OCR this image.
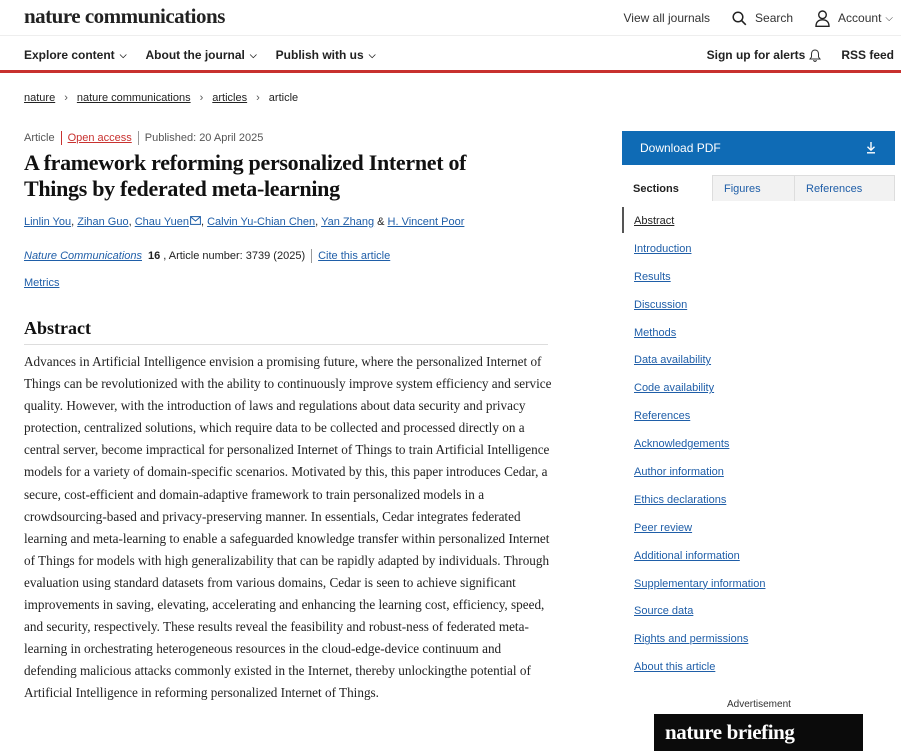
nature communications	View all journals	Search	Account ⌵
Explore content ⌵ About the journal ⌵ Publish with us ⌵	Sign up for alerts	RSS feed
nature › nature communications › articles › article
Article Open access Published: 20 April 2025
A framework reforming personalized Internet of Things by federated meta-learning
Linlin You, Zihan Guo, Chau Yuen , Calvin Yu-Chian Chen, Yan Zhang & H. Vincent Poor
Nature Communications 16 , Article number: 3739 (2025) Cite this article
Metrics
Abstract

Advances in Artificial Intelligence envision a promising future, where the personalized Internet of Things can be revolutionized with the ability to continuously improve system efficiency and service quality. However, with the introduction of laws and regulations about data security and privacy protection, centralized solutions, which require data to be collected and processed directly on a central server, become impractical for personalized Internet of Things to train Artificial Intelligence models for a variety of domain-specific scenarios. Motivated by this, this paper introduces Cedar, a secure, cost-efficient and domain-adaptive framework to train personalized models in a crowdsourcing-based and privacy-preserving manner. In essentials, Cedar integrates federated learning and meta-learning to enable a safeguarded knowledge transfer within personalized Internet of Things for models with high generalizability that can be rapidly adapted by individuals. Through evaluation using standard datasets from various domains, Cedar is seen to achieve significant improvements in saving, elevating, accelerating and enhancing the learning cost, efficiency, speed, and security, respectively. These results reveal the feasibility and robust-ness of federated meta-learning in orchestrating heterogeneous resources in the cloud-edge-device continuum and defending malicious attacks commonly existed in the Internet, thereby unlockingthe potential of Artificial Intelligence in reforming personalized Internet of Things.

Download PDF
Sections	Figures	References
Abstract
Introduction
Results
Discussion
Methods
Data availability
Code availability
References
Acknowledgements
Author information
Ethics declarations
Peer review
Additional information
Supplementary information
Source data
Rights and permissions
About this article
Advertisement
nature briefing
